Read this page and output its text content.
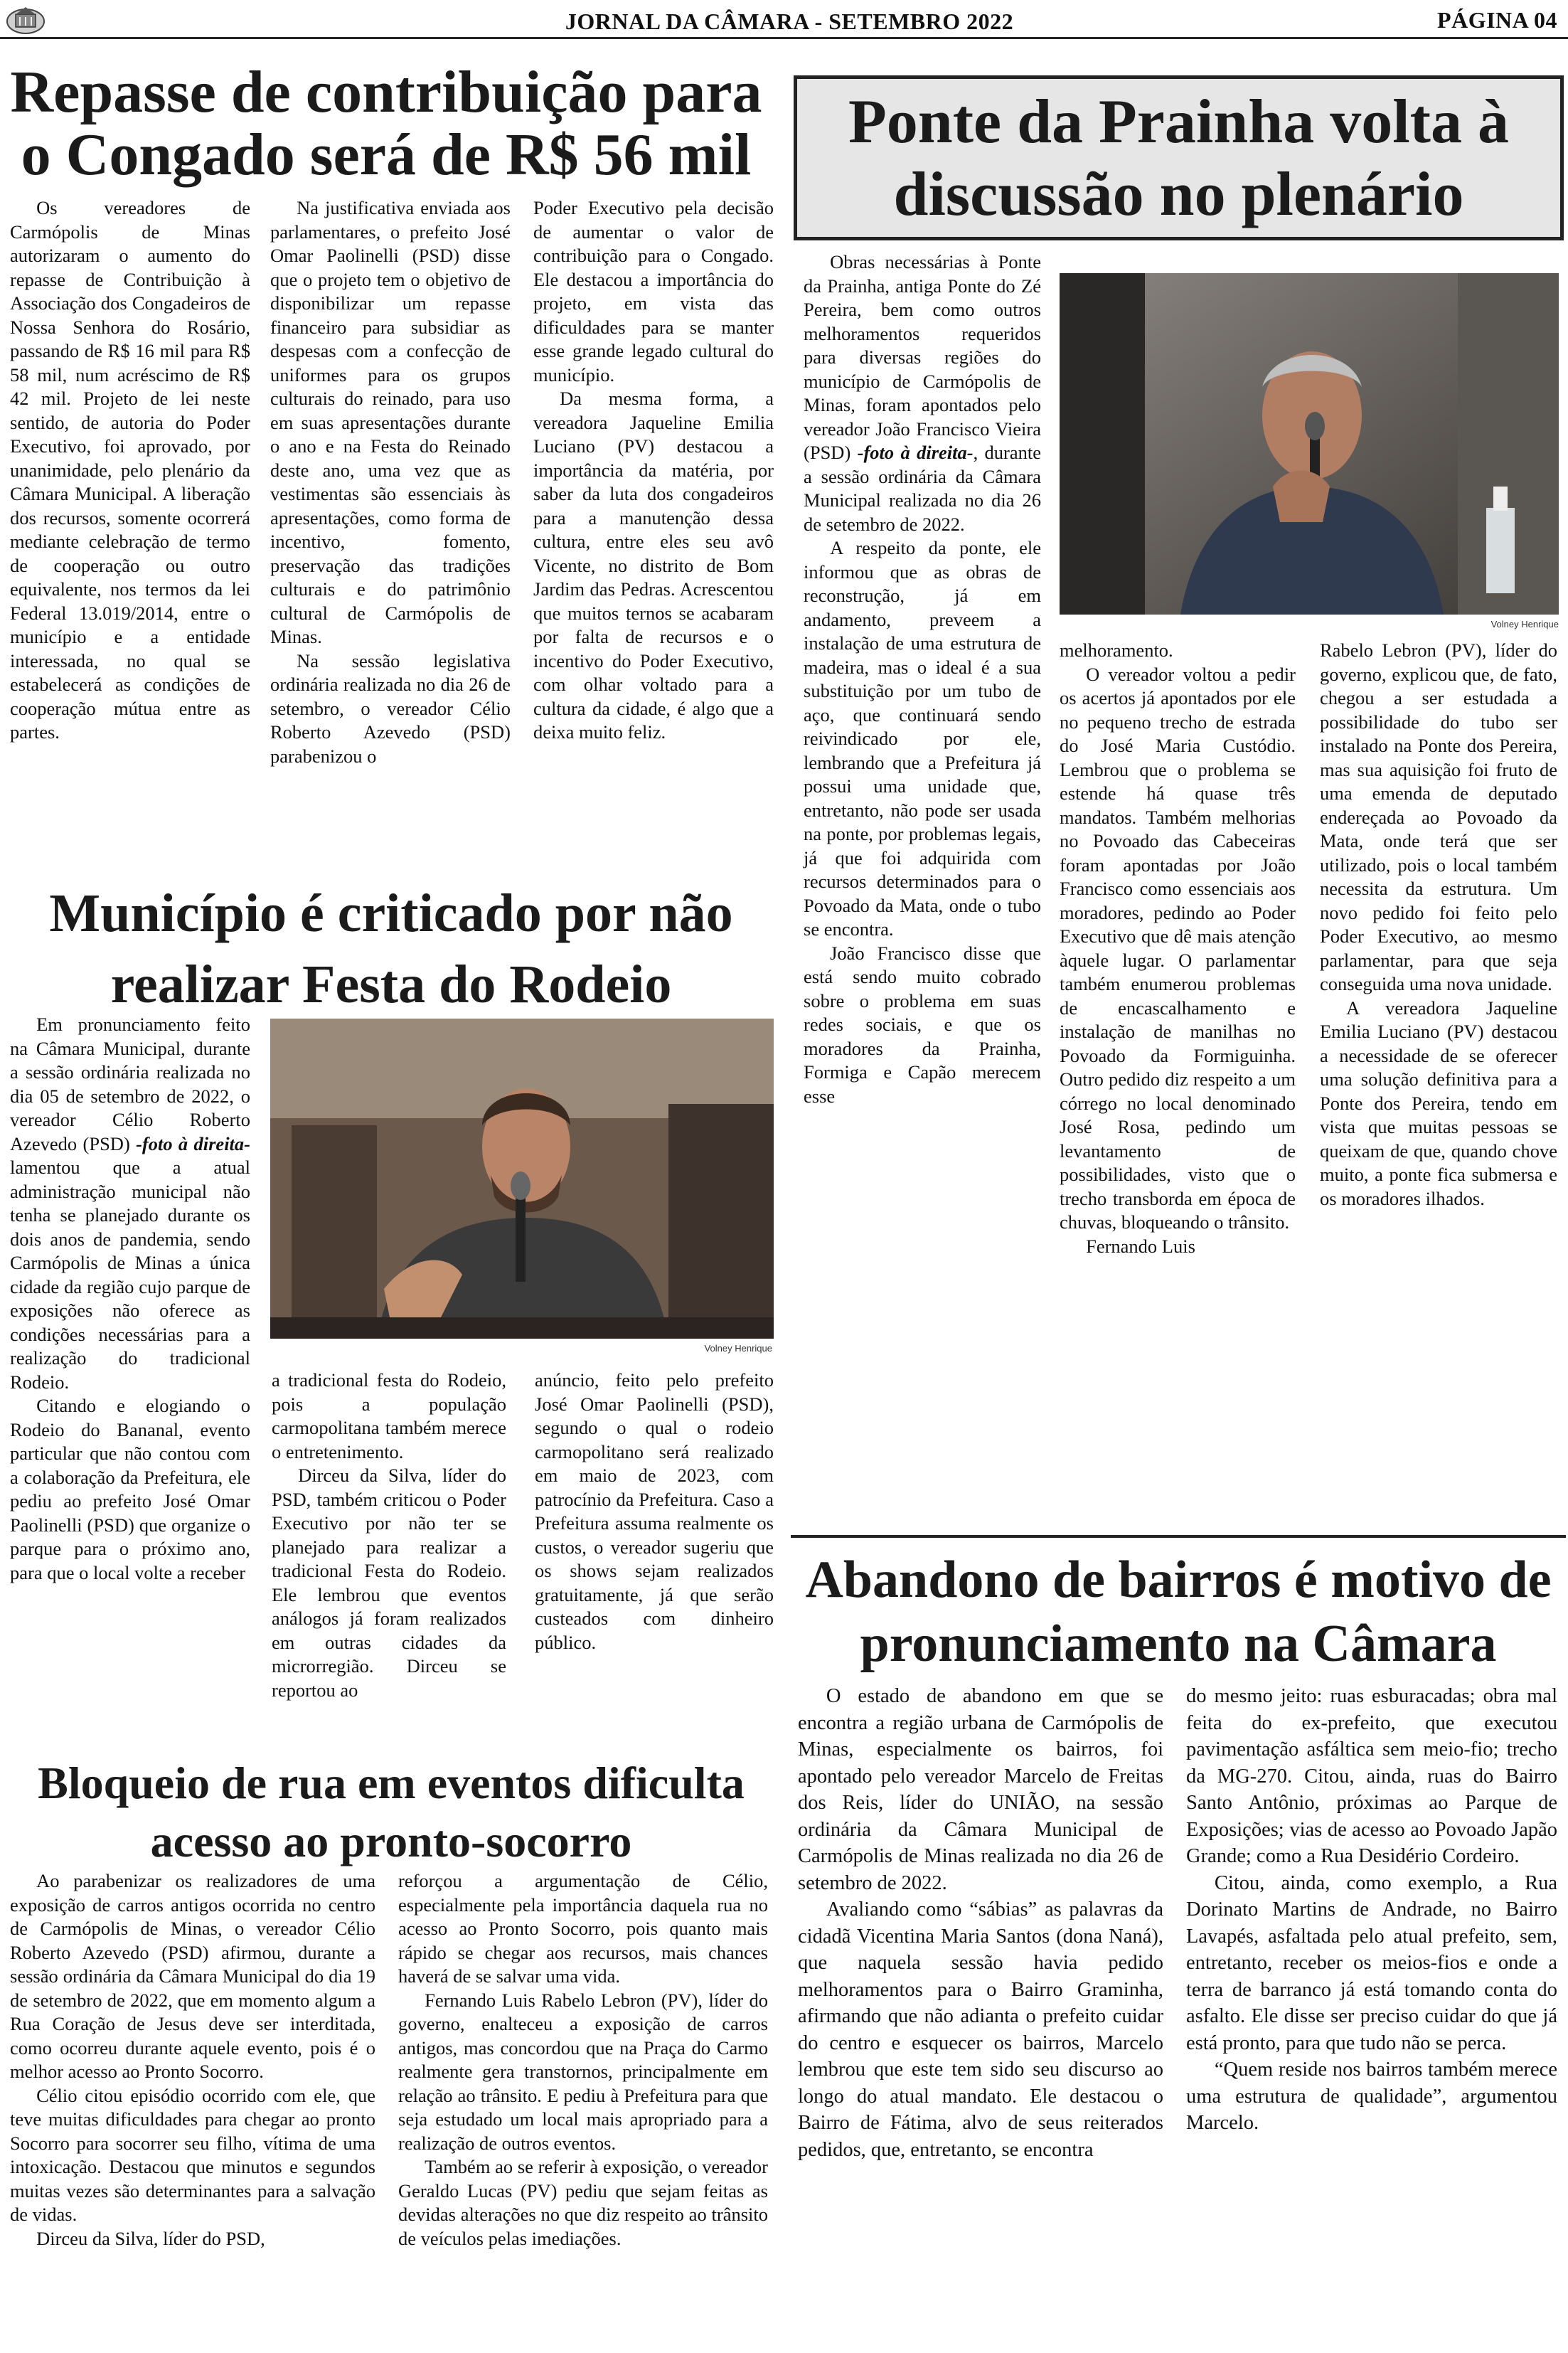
JORNAL DA CÂMARA - SETEMBRO 2022	PÁGINA 04
Repasse de contribuição para o Congado será de R$ 56 mil

Os vereadores de Carmópolis de Minas autorizaram o aumento do repasse de Contribuição à Associação dos Congadeiros de Nossa Senhora do Rosário, passando de R$ 16 mil para R$ 58 mil, num acréscimo de R$ 42 mil. Projeto de lei neste sentido, de autoria do Poder Executivo, foi aprovado, por unanimidade, pelo plenário da Câmara Municipal. A liberação dos recursos, somente ocorrerá mediante celebração de termo de cooperação ou outro equivalente, nos termos da lei Federal 13.019/2014, entre o município e a entidade interessada, no qual se estabelecerá as condições de cooperação mútua entre as partes.

Na justificativa enviada aos parlamentares, o prefeito José Omar Paolinelli (PSD) disse que o projeto tem o objetivo de disponibilizar um repasse financeiro para subsidiar as despesas com a confecção de uniformes para os grupos culturais do reinado, para uso em suas apresentações durante o ano e na Festa do Reinado deste ano, uma vez que as vestimentas são essenciais às apresentações, como forma de incentivo, fomento, preservação das tradições culturais e do patrimônio cultural de Carmópolis de Minas.

Na sessão legislativa ordinária realizada no dia 26 de setembro, o vereador Célio Roberto Azevedo (PSD) parabenizou o

Poder Executivo pela decisão de aumentar o valor de contribuição para o Congado. Ele destacou a importância do projeto, em vista das dificuldades para se manter esse grande legado cultural do município.

Da mesma forma, a vereadora Jaqueline Emilia Luciano (PV) destacou a importância da matéria, por saber da luta dos congadeiros para a manutenção dessa cultura, entre eles seu avô Vicente, no distrito de Bom Jardim das Pedras. Acrescentou que muitos ternos se acabaram por falta de recursos e o incentivo do Poder Executivo, com olhar voltado para a cultura da cidade, é algo que a deixa muito feliz.

Ponte da Prainha volta à discussão no plenário

Obras necessárias à Ponte da Prainha, antiga Ponte do Zé Pereira, bem como outros melhoramentos requeridos para diversas regiões do município de Carmópolis de Minas, foram apontados pelo vereador João Francisco Vieira (PSD) -foto à direita-, durante a sessão ordinária da Câmara Municipal realizada no dia 26 de setembro de 2022.

A respeito da ponte, ele informou que as obras de reconstrução, já em andamento, preveem a instalação de uma estrutura de madeira, mas o ideal é a sua substituição por um tubo de aço, que continuará sendo reivindicado por ele, lembrando que a Prefeitura já possui uma unidade que, entretanto, não pode ser usada na ponte, por problemas legais, já que foi adquirida com recursos determinados para o Povoado da Mata, onde o tubo se encontra.

João Francisco disse que está sendo muito cobrado sobre o problema em suas redes sociais, e que os moradores da Prainha, Formiga e Capão merecem esse

Volney Henrique

melhoramento.

O vereador voltou a pedir os acertos já apontados por ele no pequeno trecho de estrada do José Maria Custódio. Lembrou que o problema se estende há quase três mandatos. Também melhorias no Povoado das Cabeceiras foram apontadas por João Francisco como essenciais aos moradores, pedindo ao Poder Executivo que dê mais atenção àquele lugar. O parlamentar também enumerou problemas de encascalhamento e instalação de manilhas no Povoado da Formiguinha. Outro pedido diz respeito a um córrego no local denominado José Rosa, pedindo um levantamento de possibilidades, visto que o trecho transborda em época de chuvas, bloqueando o trânsito.

Fernando Luis

Rabelo Lebron (PV), líder do governo, explicou que, de fato, chegou a ser estudada a possibilidade do tubo ser instalado na Ponte dos Pereira, mas sua aquisição foi fruto de uma emenda de deputado endereçada ao Povoado da Mata, onde terá que ser utilizado, pois o local também necessita da estrutura. Um novo pedido foi feito pelo Poder Executivo, ao mesmo parlamentar, para que seja conseguida uma nova unidade.

A vereadora Jaqueline Emilia Luciano (PV) destacou a necessidade de se oferecer uma solução definitiva para a Ponte dos Pereira, tendo em vista que muitas pessoas se queixam de que, quando chove muito, a ponte fica submersa e os moradores ilhados.

Município é criticado por não realizar Festa do Rodeio

Em pronunciamento feito na Câmara Municipal, durante a sessão ordinária realizada no dia 05 de setembro de 2022, o vereador Célio Roberto Azevedo (PSD) -foto à direita- lamentou que a atual administração municipal não tenha se planejado durante os dois anos de pandemia, sendo Carmópolis de Minas a única cidade da região cujo parque de exposições não oferece as condições necessárias para a realização do tradicional Rodeio.

Citando e elogiando o Rodeio do Bananal, evento particular que não contou com a colaboração da Prefeitura, ele pediu ao prefeito José Omar Paolinelli (PSD) que organize o parque para o próximo ano, para que o local volte a receber

Volney Henrique

a tradicional festa do Rodeio, pois a população carmopolitana também merece o entretenimento.

Dirceu da Silva, líder do PSD, também criticou o Poder Executivo por não ter se planejado para realizar a tradicional Festa do Rodeio. Ele lembrou que eventos análogos já foram realizados em outras cidades da microrregião. Dirceu se reportou ao

anúncio, feito pelo prefeito José Omar Paolinelli (PSD), segundo o qual o rodeio carmopolitano será realizado em maio de 2023, com patrocínio da Prefeitura. Caso a Prefeitura assuma realmente os custos, o vereador sugeriu que os shows sejam realizados gratuitamente, já que serão custeados com dinheiro público.

Bloqueio de rua em eventos dificulta acesso ao pronto-socorro

Ao parabenizar os realizadores de uma exposição de carros antigos ocorrida no centro de Carmópolis de Minas, o vereador Célio Roberto Azevedo (PSD) afirmou, durante a sessão ordinária da Câmara Municipal do dia 19 de setembro de 2022, que em momento algum a Rua Coração de Jesus deve ser interditada, como ocorreu durante aquele evento, pois é o melhor acesso ao Pronto Socorro.

Célio citou episódio ocorrido com ele, que teve muitas dificuldades para chegar ao pronto Socorro para socorrer seu filho, vítima de uma intoxicação. Destacou que minutos e segundos muitas vezes são determinantes para a salvação de vidas.

Dirceu da Silva, líder do PSD,

reforçou a argumentação de Célio, especialmente pela importância daquela rua no acesso ao Pronto Socorro, pois quanto mais rápido se chegar aos recursos, mais chances haverá de se salvar uma vida.

Fernando Luis Rabelo Lebron (PV), líder do governo, enalteceu a exposição de carros antigos, mas concordou que na Praça do Carmo realmente gera transtornos, principalmente em relação ao trânsito. E pediu à Prefeitura para que seja estudado um local mais apropriado para a realização de outros eventos.

Também ao se referir à exposição, o vereador Geraldo Lucas (PV) pediu que sejam feitas as devidas alterações no que diz respeito ao trânsito de veículos pelas imediações.

Abandono de bairros é motivo de pronunciamento na Câmara

O estado de abandono em que se encontra a região urbana de Carmópolis de Minas, especialmente os bairros, foi apontado pelo vereador Marcelo de Freitas dos Reis, líder do UNIÃO, na sessão ordinária da Câmara Municipal de Carmópolis de Minas realizada no dia 26 de setembro de 2022.

Avaliando como “sábias” as palavras da cidadã Vicentina Maria Santos (dona Naná), que naquela sessão havia pedido melhoramentos para o Bairro Graminha, afirmando que não adianta o prefeito cuidar do centro e esquecer os bairros, Marcelo lembrou que este tem sido seu discurso ao longo do atual mandato. Ele destacou o Bairro de Fátima, alvo de seus reiterados pedidos, que, entretanto, se encontra

do mesmo jeito: ruas esburacadas; obra mal feita do ex-prefeito, que executou pavimentação asfáltica sem meio-fio; trecho da MG-270. Citou, ainda, ruas do Bairro Santo Antônio, próximas ao Parque de Exposições; vias de acesso ao Povoado Japão Grande; como a Rua Desidério Cordeiro.

Citou, ainda, como exemplo, a Rua Dorinato Martins de Andrade, no Bairro Lavapés, asfaltada pelo atual prefeito, sem, entretanto, receber os meios-fios e onde a terra de barranco já está tomando conta do asfalto. Ele disse ser preciso cuidar do que já está pronto, para que tudo não se perca.

“Quem reside nos bairros também merece uma estrutura de qualidade”, argumentou Marcelo.
